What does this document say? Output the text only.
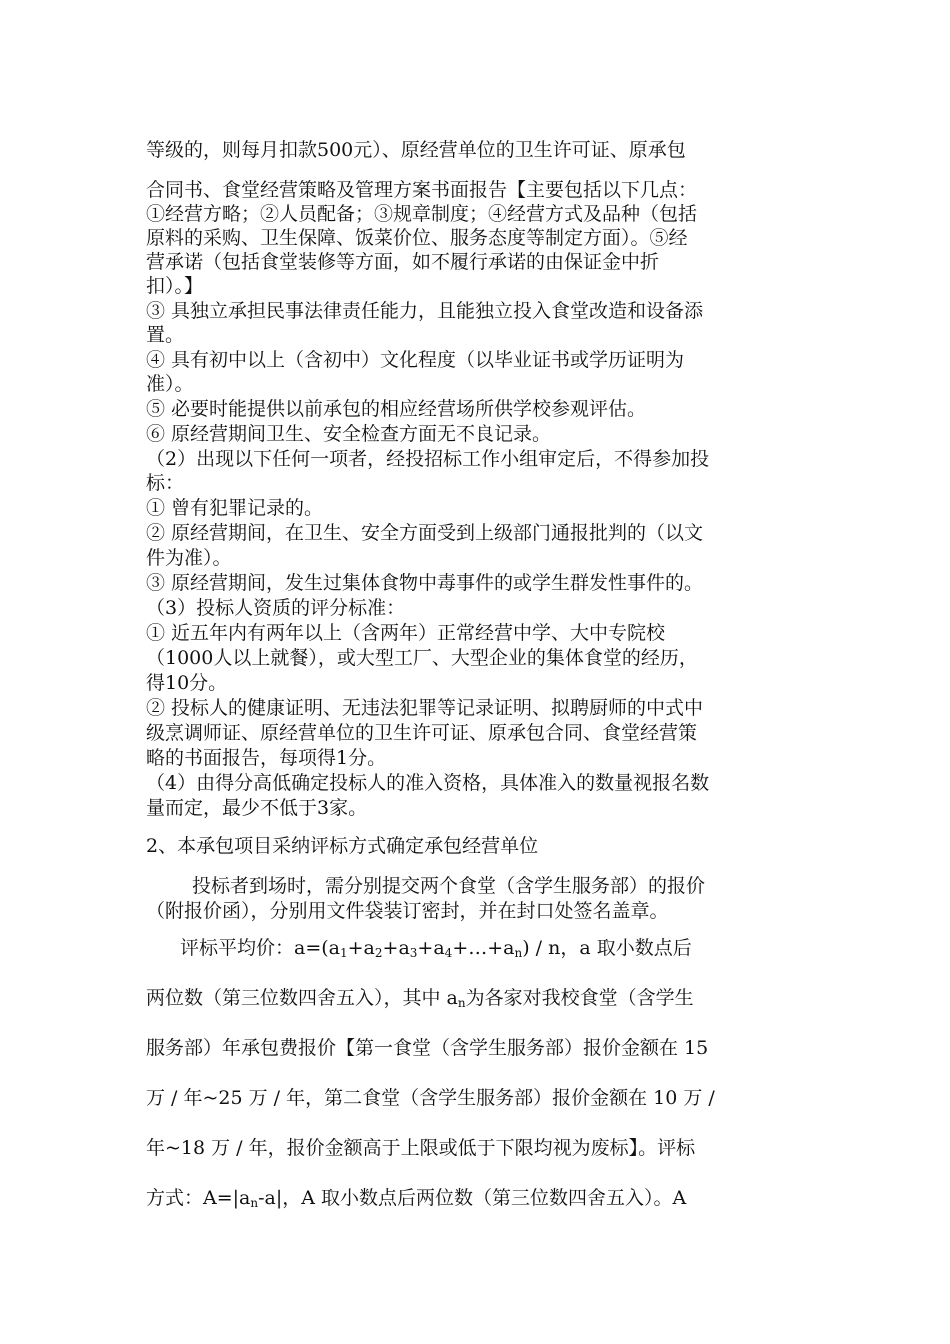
等级的，则每月扣款500元）、原经营单位的卫生许可证、原承包
合同书、食堂经营策略及管理方案书面报告【主要包括以下几点：
①经营方略；②人员配备；③规章制度；④经营方式及品种（包括
原料的采购、卫生保障、饭菜价位、服务态度等制定方面）。⑤经
营承诺（包括食堂装修等方面，如不履行承诺的由保证金中折
扣）。】
③ 具独立承担民事法律责任能力，且能独立投入食堂改造和设备添
置。
④ 具有初中以上（含初中）文化程度（以毕业证书或学历证明为
准）。
⑤ 必要时能提供以前承包的相应经营场所供学校参观评估。
⑥ 原经营期间卫生、安全检查方面无不良记录。
（2）出现以下任何一项者，经投招标工作小组审定后，不得参加投
标：
① 曾有犯罪记录的。
② 原经营期间，在卫生、安全方面受到上级部门通报批判的（以文
件为准）。
③ 原经营期间，发生过集体食物中毒事件的或学生群发性事件的。
（3）投标人资质的评分标准：
① 近五年内有两年以上（含两年）正常经营中学、大中专院校
（1000人以上就餐），或大型工厂、大型企业的集体食堂的经历，
得10分。
② 投标人的健康证明、无违法犯罪等记录证明、拟聘厨师的中式中
级烹调师证、原经营单位的卫生许可证、原承包合同、食堂经营策
略的书面报告，每项得1分。
（4）由得分高低确定投标人的准入资格，具体准入的数量视报名数
量而定，最少不低于3家。
2、本承包项目采纳评标方式确定承包经营单位
投标者到场时，需分别提交两个食堂（含学生服务部）的报价
（附报价函），分别用文件袋装订密封，并在封口处签名盖章。
评标平均价：$a=(a_1+a_2+a_3+a_4+\dots+a_n) / n$，a 取小数点后
两位数（第三位数四舍五入），其中 $a_n$为各家对我校食堂（含学生
服务部）年承包费报价【第一食堂（含学生服务部）报价金额在 15
万 / 年~25 万 / 年，第二食堂（含学生服务部）报价金额在 10 万 /
年~18 万 / 年，报价金额高于上限或低于下限均视为废标】。评标
方式：$A=|a_n-a|$，A 取小数点后两位数（第三位数四舍五入）。A
